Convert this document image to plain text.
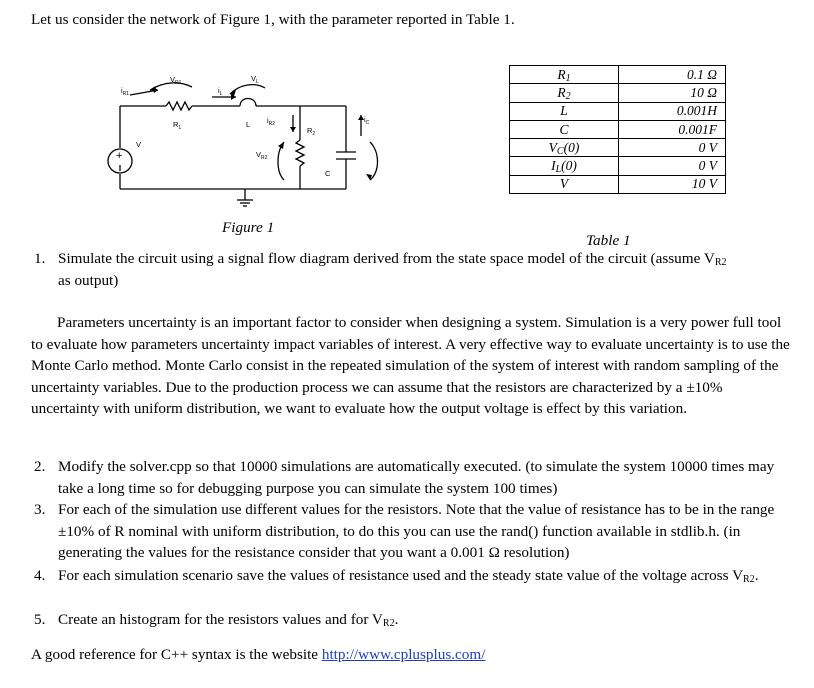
Let us consider the network of Figure 1, with the parameter reported in Table 1.
$i_{R1}$
$V_{R1}$
$i_L$
$V_L$
$R_1$	L $i_{R2}$
$R_2$
$i_C$
$V_{R2}$
C
V
+
Figure 1
$R_1$	0.1 Ω
$R_2$	10 Ω
L	0.001H
C	0.001F
$V_C(0)$	0 V
$I_L(0)$	0 V
V	10 V
Table 1
1. Simulate the circuit using a signal flow diagram derived from the state space model of the circuit (assume $V_{R2}$
as output)
Parameters uncertainty is an important factor to consider when designing a system. Simulation is a very power full tool to evaluate how parameters uncertainty impact variables of interest. A very effective way to evaluate uncertainty is to use the Monte Carlo method. Monte Carlo consist in the repeated simulation of the system of interest with random sampling of the uncertainty variables. Due to the production process we can assume that the resistors are characterized by a ±10% uncertainty with uniform distribution, we want to evaluate how the output voltage is effect by this variation.
2. Modify the solver.cpp so that 10000 simulations are automatically executed. (to simulate the system 10000 times may take a long time so for debugging purpose you can simulate the system 100 times)
3. For each of the simulation use different values for the resistors. Note that the value of resistance has to be in the range ±10% of R nominal with uniform distribution, to do this you can use the rand() function available in stdlib.h. (in generating the values for the resistance consider that you want a 0.001 Ω resolution)
4. For each simulation scenario save the values of resistance used and the steady state value of the voltage across $V_{R2}$.
5. Create an histogram for the resistors values and for $V_{R2}$.
A good reference for C++ syntax is the website http://www.cplusplus.com/
